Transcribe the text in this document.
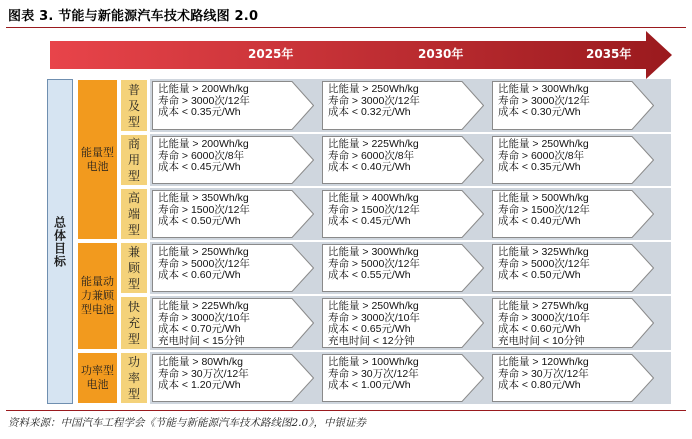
图表 3. 节能与新能源汽车技术路线图 2.0
2025年	2030年	2035年
总体目标
能量型电池
能量动力兼顾型电池
功率型电池
普及型
商用型
高端型
兼顾型
快充型
功率型
比能量 > 200Wh/kg
寿命 > 3000次/12年
成本 < 0.35元/Wh
比能量 > 250Wh/kg
寿命 > 3000次/12年
成本 < 0.32元/Wh
比能量 > 300Wh/kg
寿命 > 3000次/12年
成本 < 0.30元/Wh
比能量 > 200Wh/kg
寿命 > 6000次/8年
成本 < 0.45元/Wh
比能量 > 225Wh/kg
寿命 > 6000次/8年
成本 < 0.40元/Wh
比能量 > 250Wh/kg
寿命 > 6000次/8年
成本 < 0.35元/Wh
比能量 > 350Wh/kg
寿命 > 1500次/12年
成本 < 0.50元/Wh
比能量 > 400Wh/kg
寿命 > 1500次/12年
成本 < 0.45元/Wh
比能量 > 500Wh/kg
寿命 > 1500次/12年
成本 < 0.40元/Wh
比能量 > 250Wh/kg
寿命 > 5000次/12年
成本 < 0.60元/Wh
比能量 > 300Wh/kg
寿命 > 5000次/12年
成本 < 0.55元/Wh
比能量 > 325Wh/kg
寿命 > 5000次/12年
成本 < 0.50元/Wh
比能量 > 225Wh/kg
寿命 > 3000次/10年
成本 < 0.70元/Wh
充电时间 < 15分钟
比能量 > 250Wh/kg
寿命 > 3000次/10年
成本 < 0.65元/Wh
充电时间 < 12分钟
比能量 > 275Wh/kg
寿命 > 3000次/10年
成本 < 0.60元/Wh
充电时间 < 10分钟
比能量 > 80Wh/kg
寿命 > 30万次/12年
成本 < 1.20元/Wh
比能量 > 100Wh/kg
寿命 > 30万次/12年
成本 < 1.00元/Wh
比能量 > 120Wh/kg
寿命 > 30万次/12年
成本 < 0.80元/Wh
资料来源：中国汽车工程学会《节能与新能源汽车技术路线图2.0》，中银证券
